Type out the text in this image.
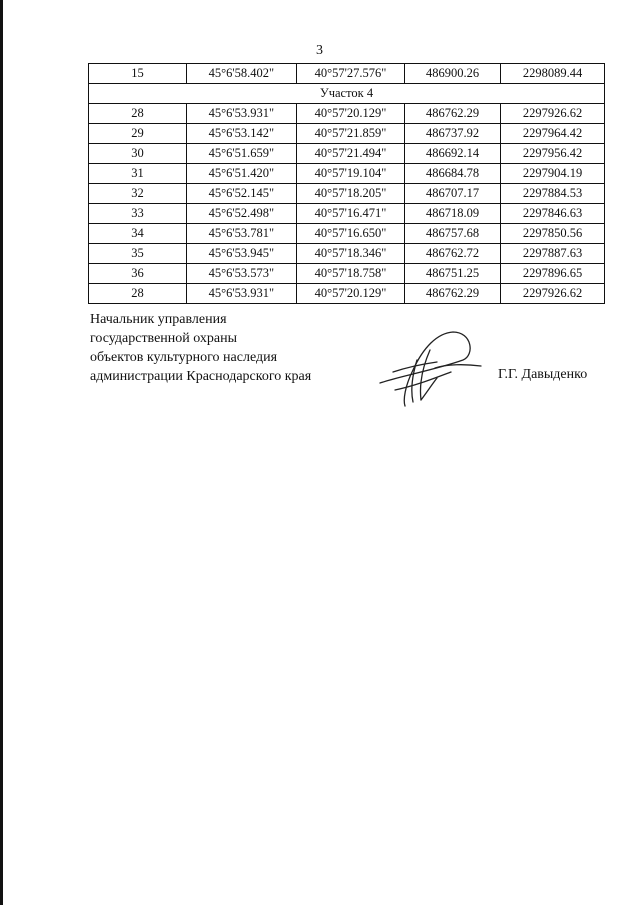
3
15	45°6'58.402"	40°57'27.576"	486900.26	2298089.44
Участок 4				
28	45°6'53.931"	40°57'20.129"	486762.29	2297926.62
29	45°6'53.142"	40°57'21.859"	486737.92	2297964.42
30	45°6'51.659"	40°57'21.494"	486692.14	2297956.42
31	45°6'51.420"	40°57'19.104"	486684.78	2297904.19
32	45°6'52.145"	40°57'18.205"	486707.17	2297884.53
33	45°6'52.498"	40°57'16.471"	486718.09	2297846.63
34	45°6'53.781"	40°57'16.650"	486757.68	2297850.56
35	45°6'53.945"	40°57'18.346"	486762.72	2297887.63
36	45°6'53.573"	40°57'18.758"	486751.25	2297896.65
28	45°6'53.931"	40°57'20.129"	486762.29	2297926.62
Начальник управления
государственной охраны
объектов культурного наследия
администрации Краснодарского края	Г.Г. Давыденко
